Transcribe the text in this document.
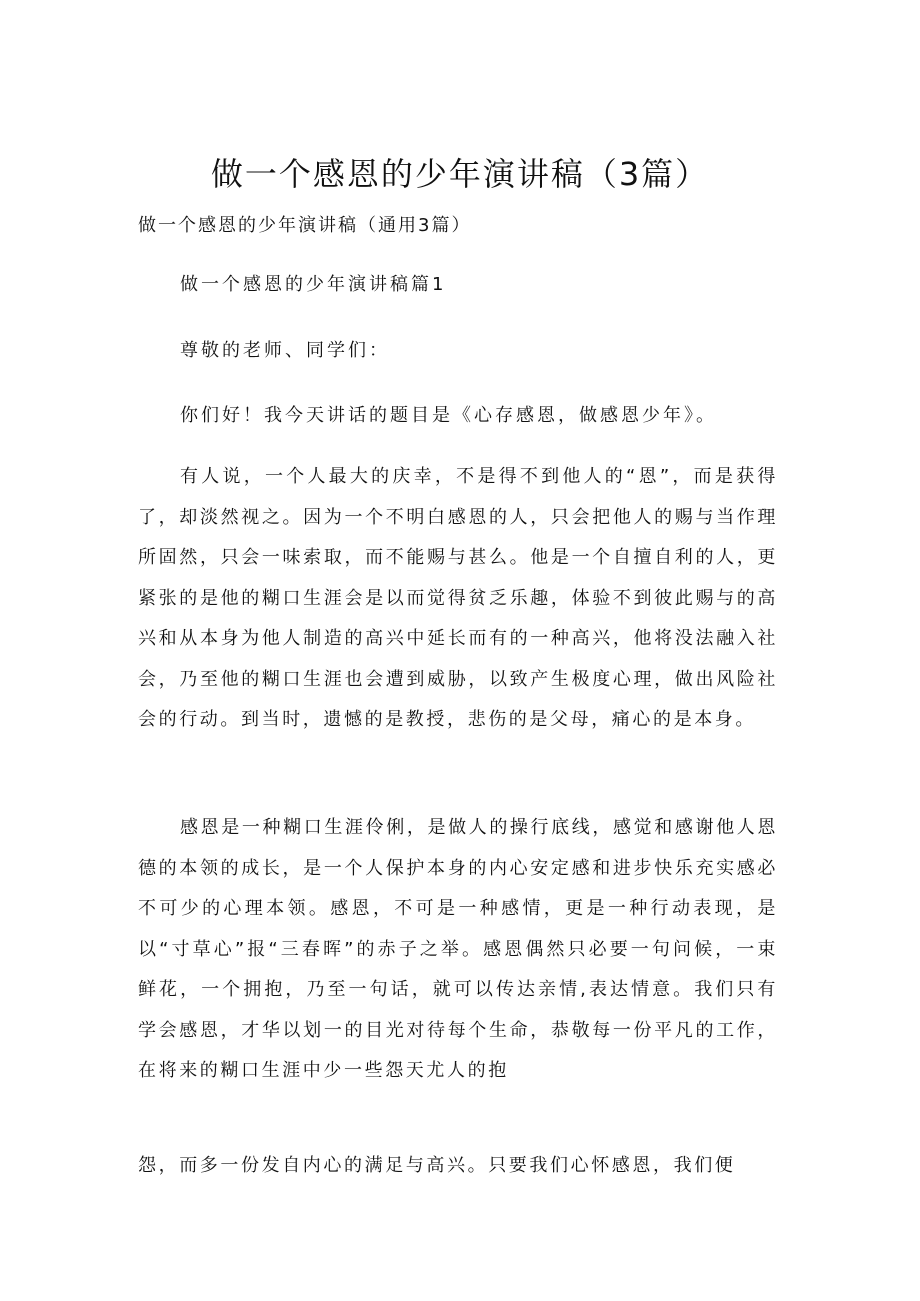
做一个感恩的少年演讲稿（3篇）
做一个感恩的少年演讲稿（通用3篇）
做一个感恩的少年演讲稿篇1
尊敬的老师、同学们：
你们好！我今天讲话的题目是《心存感恩，做感恩少年》。

有人说，一个人最大的庆幸，不是得不到他人的“恩”，而是获得了，却淡然视之。因为一个不明白感恩的人，只会把他人的赐与当作理所固然，只会一味索取，而不能赐与甚么。他是一个自擅自利的人，更紧张的是他的糊口生涯会是以而觉得贫乏乐趣，体验不到彼此赐与的高兴和从本身为他人制造的高兴中延长而有的一种高兴，他将没法融入社会，乃至他的糊口生涯也会遭到威胁，以致产生极度心理，做出风险社会的行动。到当时，遗憾的是教授，悲伤的是父母，痛心的是本身。

感恩是一种糊口生涯伶俐，是做人的操行底线，感觉和感谢他人恩德的本领的成长，是一个人保护本身的内心安定感和进步快乐充实感必不可少的心理本领。感恩，不可是一种感情，更是一种行动表现，是以“寸草心”报“三春晖”的赤子之举。感恩偶然只必要一句问候，一束鲜花，一个拥抱，乃至一句话，就可以传达亲情,表达情意。我们只有学会感恩，才华以划一的目光对待每个生命，恭敬每一份平凡的工作，在将来的糊口生涯中少一些怨天尤人的抱

怨，而多一份发自内心的满足与高兴。只要我们心怀感恩，我们便
